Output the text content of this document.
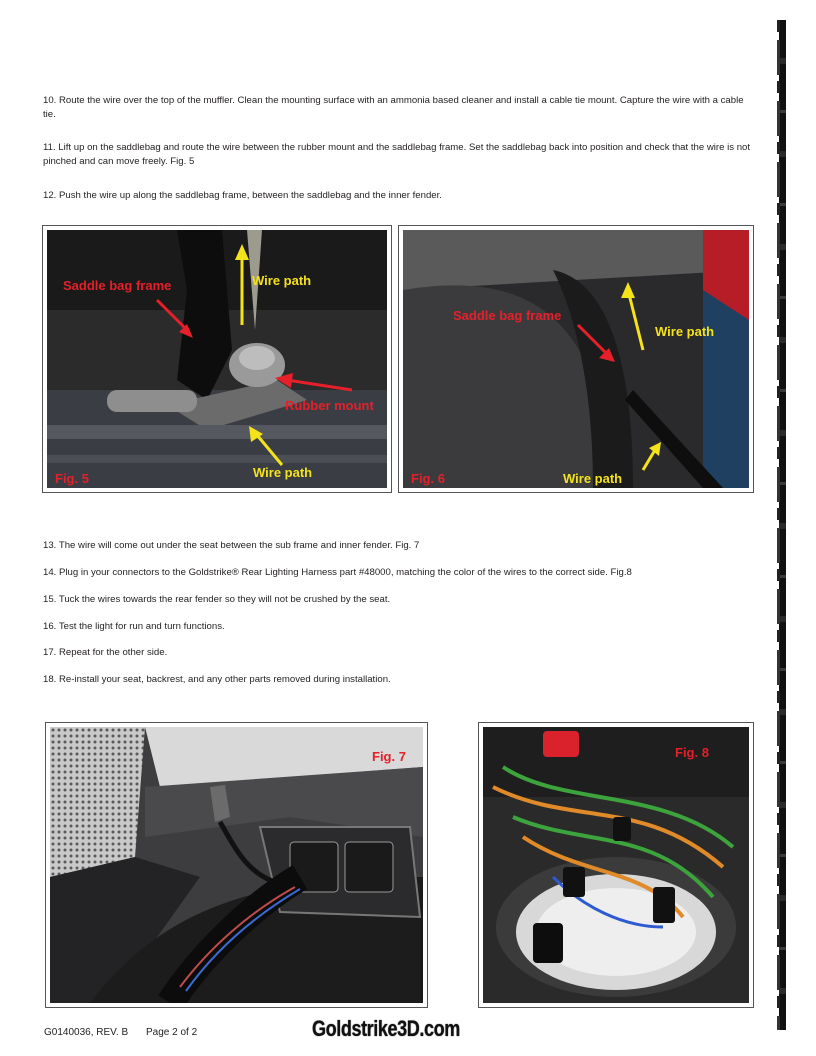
10. Route the wire over the top of the muffler. Clean the mounting surface with an ammonia based cleaner and install a cable tie mount. Capture the wire with a cable tie.
11. Lift up on the saddlebag and route the wire between the rubber mount and the saddlebag frame. Set the saddlebag back into position and check that the wire is not pinched and can move freely. Fig. 5
12. Push the wire up along the saddlebag frame, between the saddlebag and the inner fender.
Saddle bag frame	Wire path
Rubber mount
Wire path
Fig. 5
Saddle bag frame
Wire path
Wire path
Fig. 6
13. The wire will come out under the seat between the sub frame and inner fender. Fig. 7
14. Plug in your connectors to the Goldstrike® Rear Lighting Harness part #48000, matching the color of the wires to the correct side. Fig.8
15. Tuck the wires towards the rear fender so they will not be crushed by the seat.
16. Test the light for run and turn functions.
17. Repeat for the other side.
18. Re-install your seat, backrest, and any other parts removed during installation.
Fig. 7	Fig. 8
G0140036, REV. B Page 2 of 2	Goldstrike3D.com
